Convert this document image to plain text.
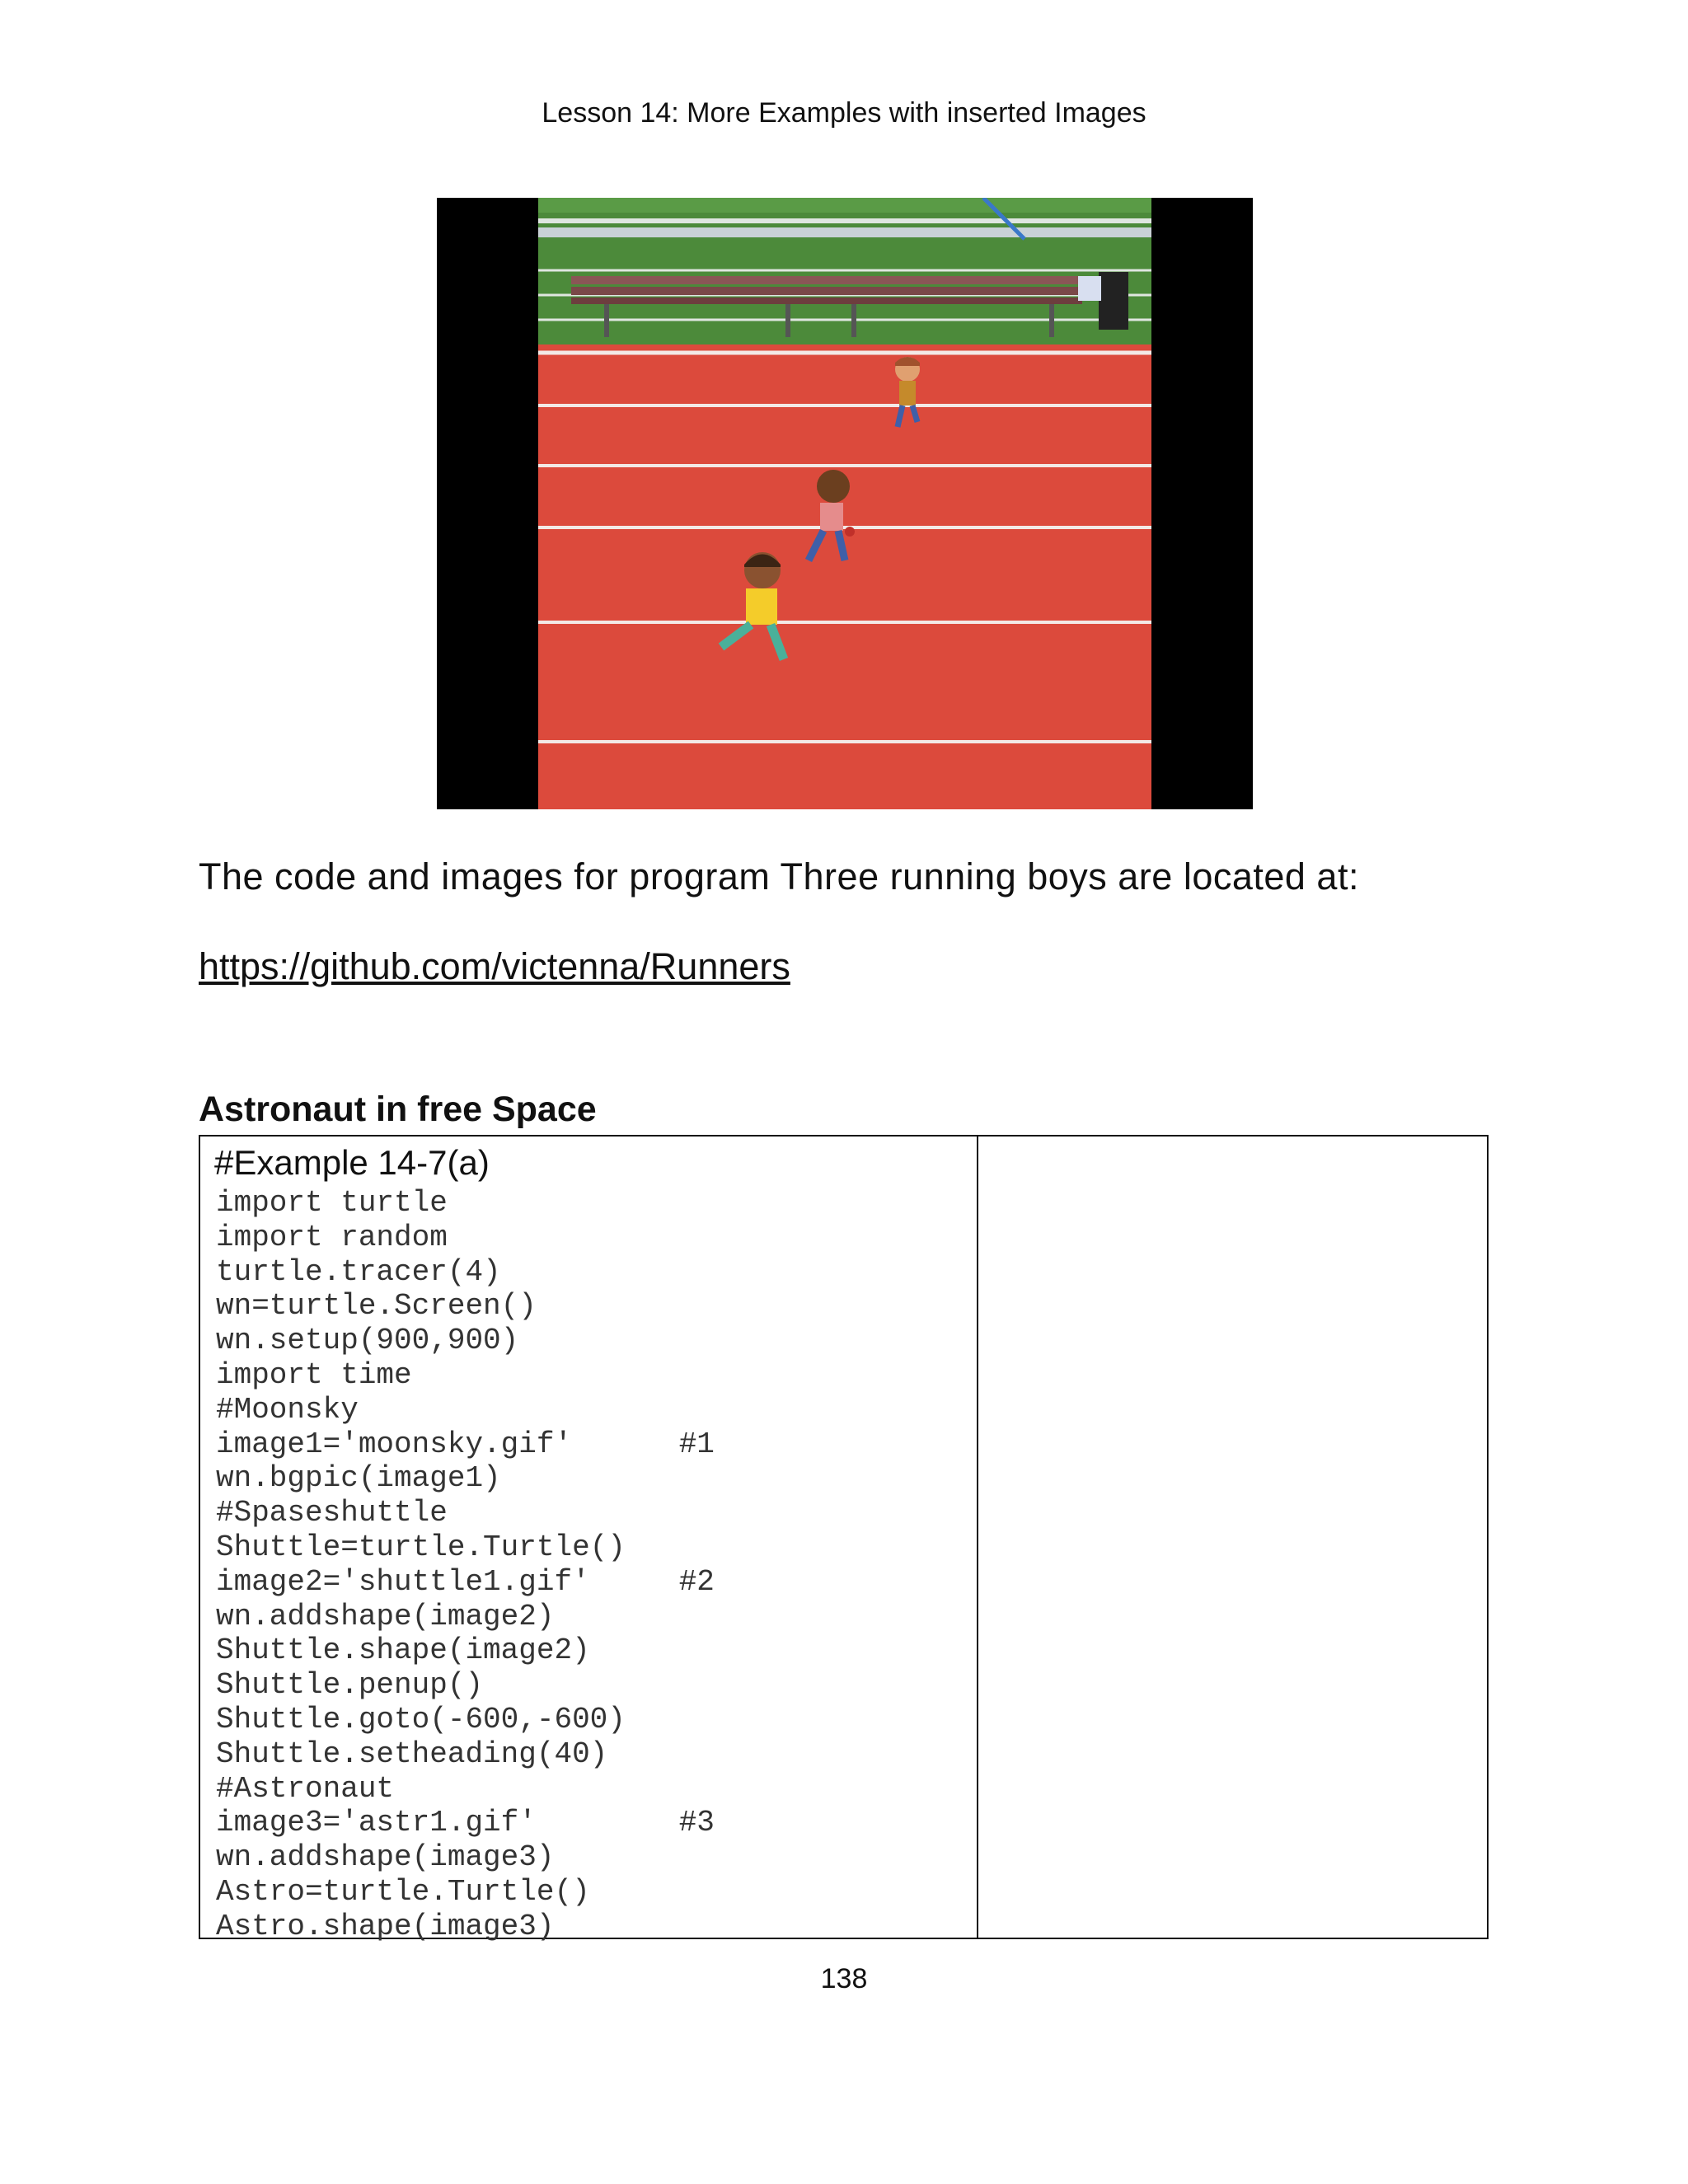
Lesson 14: More Examples with inserted Images
The code and images for program Three running boys are located at:
https://github.com/victenna/Runners
Astronaut in free Space
#Example 14-7(a)
import turtle
import random
turtle.tracer(4)
wn=turtle.Screen()
wn.setup(900,900)
import time
#Moonsky
image1='moonsky.gif'      #1
wn.bgpic(image1)
#Spaseshuttle
Shuttle=turtle.Turtle()
image2='shuttle1.gif'     #2
wn.addshape(image2)
Shuttle.shape(image2)
Shuttle.penup()
Shuttle.goto(-600,-600)
Shuttle.setheading(40)
#Astronaut
image3='astr1.gif'        #3
wn.addshape(image3)
Astro=turtle.Turtle()
Astro.shape(image3)
138
